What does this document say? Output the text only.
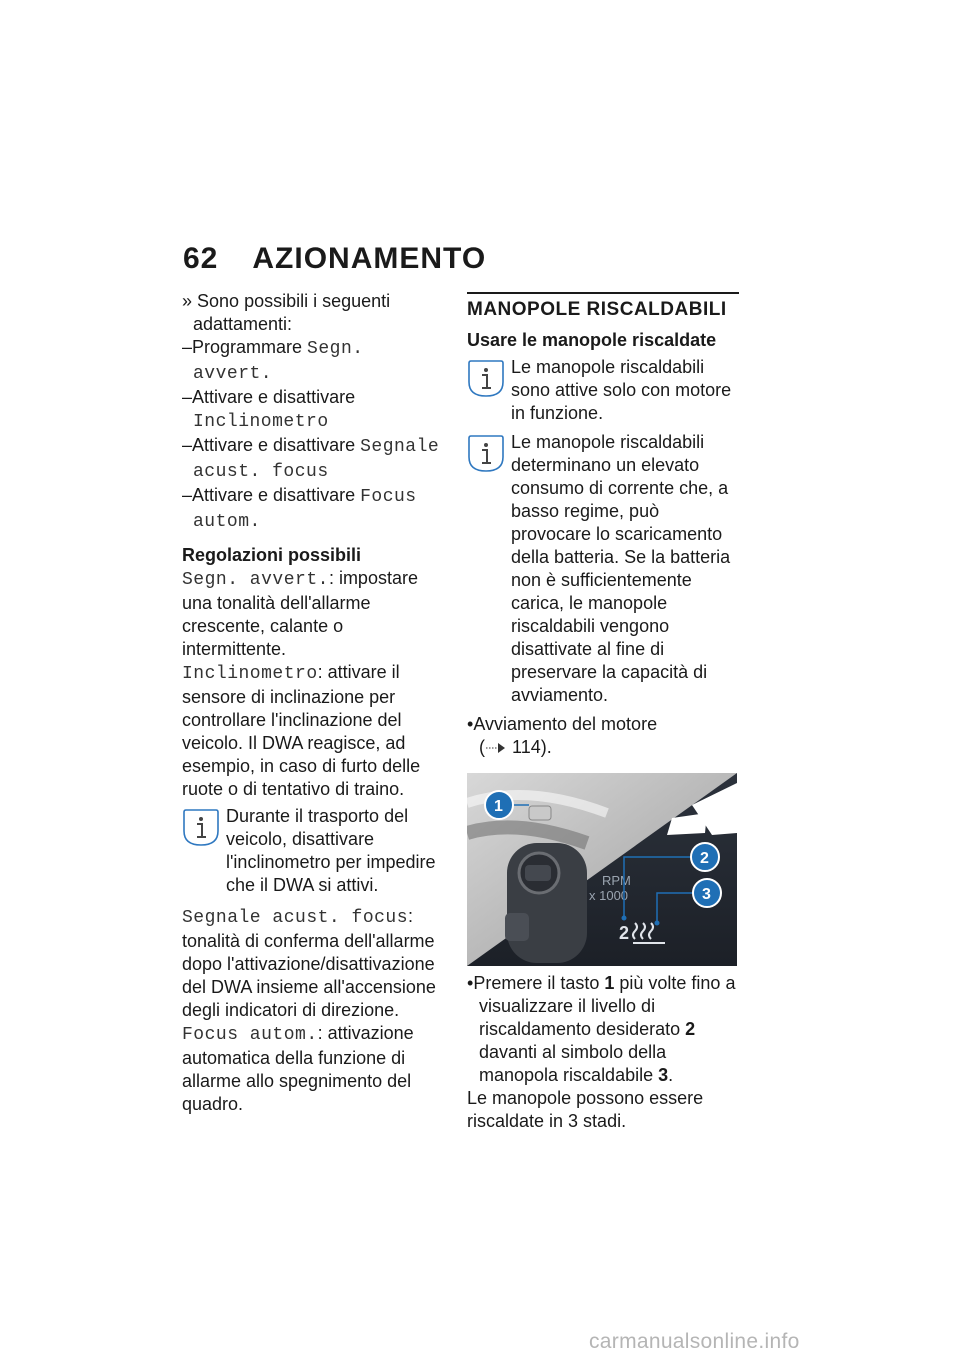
62 AZIONAMENTO

» Sono possibili i seguenti adattamenti:

–Programmare Segn. avvert.

–Attivare e disattivare Inclinometro

–Attivare e disattivare Segnale acust. focus

–Attivare e disattivare Focus autom.

Regolazioni possibili

Segn. avvert.: impostare una tonalità dell'allarme crescente, calante o intermittente.

Inclinometro: attivare il sensore di inclinazione per controllare l'inclinazione del veicolo. Il DWA reagisce, ad esempio, in caso di furto delle ruote o di tentativo di traino.

Durante il trasporto del

veicolo, disattivare l'inclinometro per impedire che il DWA si attivi.

Segnale acust. focus: tonalità di conferma dell'allarme dopo l'attivazione/disattivazione del DWA insieme all'accensione degli indicatori di direzione.

Focus autom.: attivazione automatica della funzione di allarme allo spegnimento del quadro.

MANOPOLE RISCALDABILI

Usare le manopole riscaldate

Le manopole riscaldabili

sono attive solo con motore in funzione.

Le manopole riscaldabili

determinano un elevato consumo di corrente che, a basso regime, può provocare lo scaricamento della batteria. Se la batteria non è sufficientemente carica, le manopole riscaldabili vengono disattivate al fine di preservare la capacità di avviamento.

•Avviamento del motore
( 114).

RPM
x 1000
2
1
2
3

•Premere il tasto 1 più volte fino a visualizzare il livello di riscaldamento desiderato 2 davanti al simbolo della manopola riscaldabile 3.

Le manopole possono essere riscaldate in 3 stadi.

carmanualsonline.info
